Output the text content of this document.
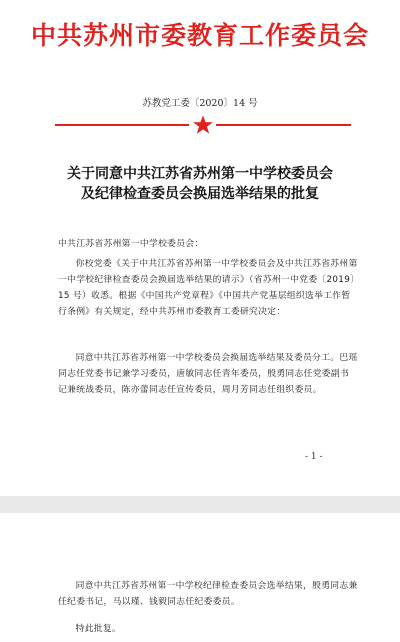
中共苏州市委教育工作委员会
苏教党工委〔2020〕14 号
关于同意中共江苏省苏州第一中学校委员会
及纪律检查委员会换届选举结果的批复
中共江苏省苏州第一中学校委员会：
你校党委《关于中共江苏省苏州第一中学校委员会及中共江苏省苏州第一中学校纪律检查委员会换届选举结果的请示》（省苏州一中党委〔2019〕15 号）收悉。根据《中国共产党章程》《中国共产党基层组织选举工作暂行条例》有关规定，经中共苏州市委教育工委研究决定：
同意中共江苏省苏州第一中学校委员会换届选举结果及委员分工。巴瑶同志任党委书记兼学习委员，唐敏同志任青年委员，殷勇同志任党委副书记兼统战委员，陈亦蕾同志任宣传委员，周月芳同志任组织委员。
- 1 -
同意中共江苏省苏州第一中学校纪律检查委员会选举结果，殷勇同志兼任纪委书记，马以瑾、钱毅同志任纪委委员。
特此批复。
